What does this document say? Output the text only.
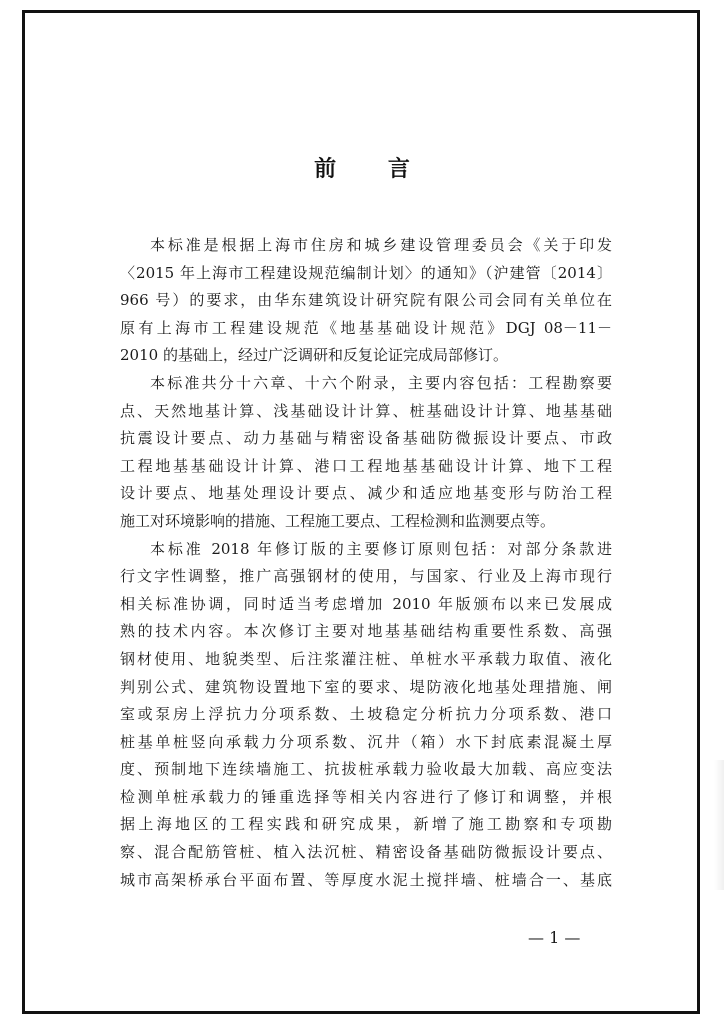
前 言
本标准是根据上海市住房和城乡建设管理委员会《关于印发
〈2015 年上海市工程建设规范编制计划〉的通知》（沪建管〔2014〕
966 号）的要求，由华东建筑设计研究院有限公司会同有关单位在
原有上海市工程建设规范《地基基础设计规范》DGJ 08－11－
2010 的基础上，经过广泛调研和反复论证完成局部修订。
本标准共分十六章、十六个附录，主要内容包括：工程勘察要
点、天然地基计算、浅基础设计计算、桩基础设计计算、地基基础
抗震设计要点、动力基础与精密设备基础防微振设计要点、市政
工程地基基础设计计算、港口工程地基基础设计计算、地下工程
设计要点、地基处理设计要点、减少和适应地基变形与防治工程
施工对环境影响的措施、工程施工要点、工程检测和监测要点等。
本标准 2018 年修订版的主要修订原则包括：对部分条款进
行文字性调整，推广高强钢材的使用，与国家、行业及上海市现行
相关标准协调，同时适当考虑增加 2010 年版颁布以来已发展成
熟的技术内容。本次修订主要对地基基础结构重要性系数、高强
钢材使用、地貌类型、后注浆灌注桩、单桩水平承载力取值、液化
判别公式、建筑物设置地下室的要求、堤防液化地基处理措施、闸
室或泵房上浮抗力分项系数、土坡稳定分析抗力分项系数、港口
桩基单桩竖向承载力分项系数、沉井（箱）水下封底素混凝土厚
度、预制地下连续墙施工、抗拔桩承载力验收最大加载、高应变法
检测单桩承载力的锤重选择等相关内容进行了修订和调整，并根
据上海地区的工程实践和研究成果，新增了施工勘察和专项勘
察、混合配筋管桩、植入法沉桩、精密设备基础防微振设计要点、
城市高架桥承台平面布置、等厚度水泥土搅拌墙、桩墙合一、基底
— 1 —
